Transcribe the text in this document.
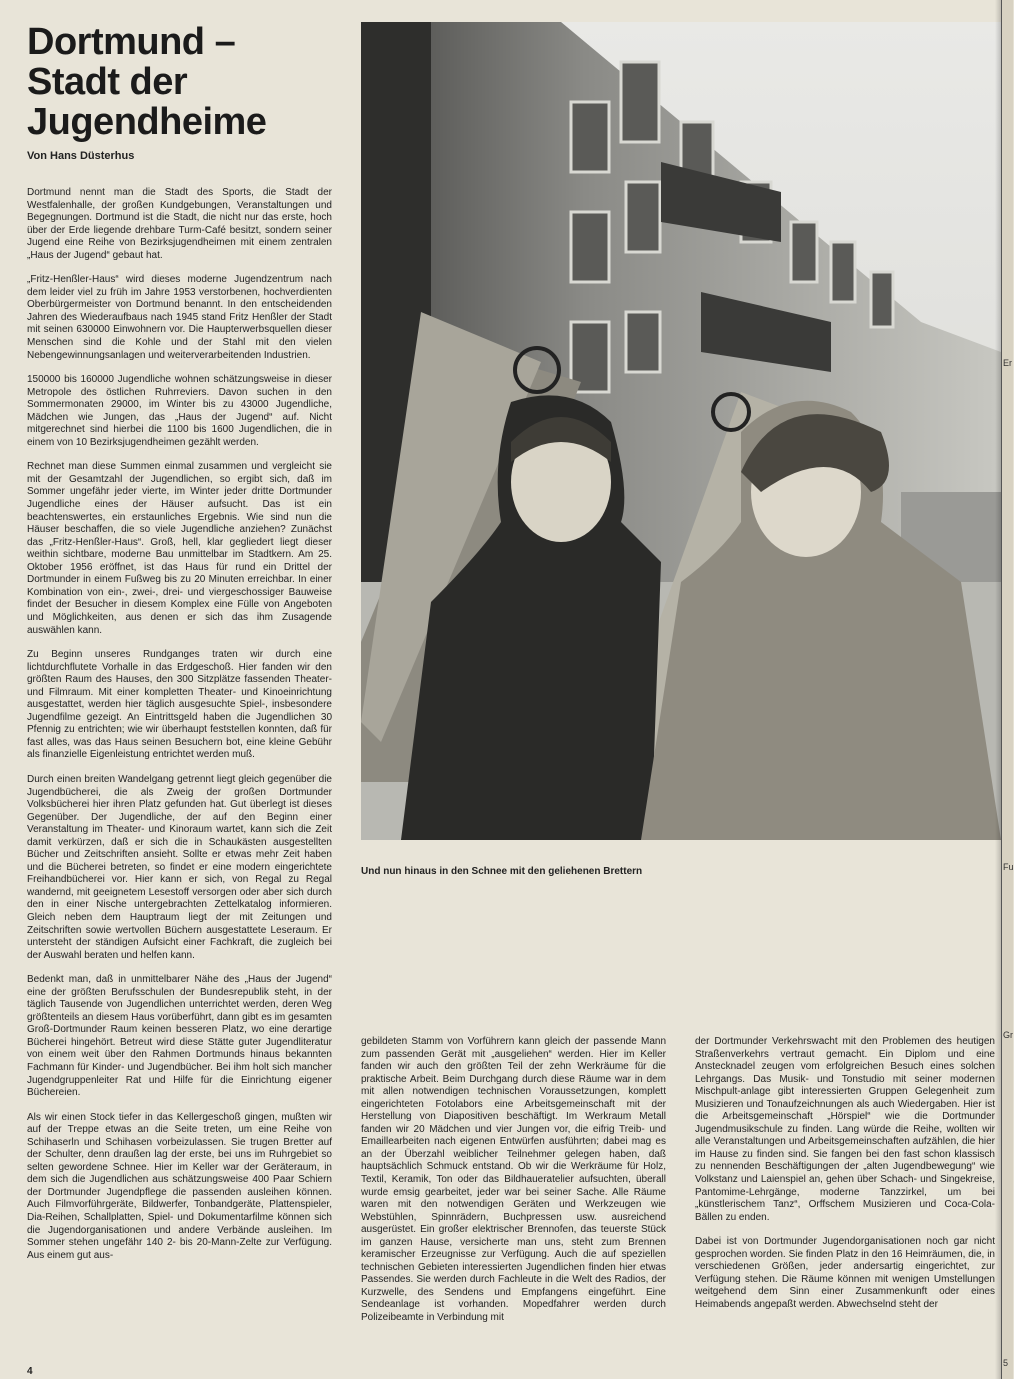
Dortmund –
Stadt der
Jugendheime
Von Hans Düsterhus

Dortmund nennt man die Stadt des Sports, die Stadt der Westfalenhalle, der großen Kundgebungen, Veranstaltungen und Begegnungen. Dortmund ist die Stadt, die nicht nur das erste, hoch über der Erde liegende drehbare Turm-Café besitzt, sondern seiner Jugend eine Reihe von Bezirksjugendheimen mit einem zentralen „Haus der Jugend“ gebaut hat.

„Fritz-Henßler-Haus“ wird dieses moderne Jugendzentrum nach dem leider viel zu früh im Jahre 1953 verstorbenen, hochverdienten Oberbürgermeister von Dortmund benannt. In den entscheidenden Jahren des Wiederaufbaus nach 1945 stand Fritz Henßler der Stadt mit seinen 630000 Einwohnern vor. Die Haupterwerbsquellen dieser Menschen sind die Kohle und der Stahl mit den vielen Nebengewinnungsanlagen und weiterverarbeitenden Industrien.

150000 bis 160000 Jugendliche wohnen schätzungsweise in dieser Metropole des östlichen Ruhrreviers. Davon suchen in den Sommermonaten 29000, im Winter bis zu 43000 Jugendliche, Mädchen wie Jungen, das „Haus der Jugend“ auf. Nicht mitgerechnet sind hierbei die 1100 bis 1600 Jugendlichen, die in einem von 10 Bezirksjugendheimen gezählt werden.

Rechnet man diese Summen einmal zusammen und vergleicht sie mit der Gesamtzahl der Jugendlichen, so ergibt sich, daß im Sommer ungefähr jeder vierte, im Winter jeder dritte Dortmunder Jugendliche eines der Häuser aufsucht. Das ist ein beachtenswertes, ein erstaunliches Ergebnis. Wie sind nun die Häuser beschaffen, die so viele Jugendliche anziehen? Zunächst das „Fritz-Henßler-Haus“. Groß, hell, klar gegliedert liegt dieser weithin sichtbare, moderne Bau unmittelbar im Stadtkern. Am 25. Oktober 1956 eröffnet, ist das Haus für rund ein Drittel der Dortmunder in einem Fußweg bis zu 20 Minuten erreichbar. In einer Kombination von ein-, zwei-, drei- und viergeschossiger Bauweise findet der Besucher in diesem Komplex eine Fülle von Angeboten und Möglichkeiten, aus denen er sich das ihm Zusagende auswählen kann.

Zu Beginn unseres Rundganges traten wir durch eine lichtdurchflutete Vorhalle in das Erdgeschoß. Hier fanden wir den größten Raum des Hauses, den 300 Sitzplätze fassenden Theater- und Filmraum. Mit einer kompletten Theater- und Kinoeinrichtung ausgestattet, werden hier täglich ausgesuchte Spiel-, insbesondere Jugendfilme gezeigt. An Eintrittsgeld haben die Jugendlichen 30 Pfennig zu entrichten; wie wir überhaupt feststellen konnten, daß für fast alles, was das Haus seinen Besuchern bot, eine kleine Gebühr als finanzielle Eigenleistung entrichtet werden muß.

Durch einen breiten Wandelgang getrennt liegt gleich gegenüber die Jugendbücherei, die als Zweig der großen Dortmunder Volksbücherei hier ihren Platz gefunden hat. Gut überlegt ist dieses Gegenüber. Der Jugendliche, der auf den Beginn einer Veranstaltung im Theater- und Kinoraum wartet, kann sich die Zeit damit verkürzen, daß er sich die in Schaukästen ausgestellten Bücher und Zeitschriften ansieht. Sollte er etwas mehr Zeit haben und die Bücherei betreten, so findet er eine modern eingerichtete Freihandbücherei vor. Hier kann er sich, von Regal zu Regal wandernd, mit geeignetem Lesestoff versorgen oder aber sich durch den in einer Nische untergebrachten Zettelkatalog informieren. Gleich neben dem Hauptraum liegt der mit Zeitungen und Zeitschriften sowie wertvollen Büchern ausgestattete Leseraum. Er untersteht der ständigen Aufsicht einer Fachkraft, die zugleich bei der Auswahl beraten und helfen kann.

Bedenkt man, daß in unmittelbarer Nähe des „Haus der Jugend“ eine der größten Berufsschulen der Bundesrepublik steht, in der täglich Tausende von Jugendlichen unterrichtet werden, deren Weg größtenteils an diesem Haus vorüberführt, dann gibt es im gesamten Groß-Dortmunder Raum keinen besseren Platz, wo eine derartige Bücherei hingehört. Betreut wird diese Stätte guter Jugendliteratur von einem weit über den Rahmen Dortmunds hinaus bekannten Fachmann für Kinder- und Jugendbücher. Bei ihm holt sich mancher Jugendgruppenleiter Rat und Hilfe für die Einrichtung eigener Büchereien.

Als wir einen Stock tiefer in das Kellergeschoß gingen, mußten wir auf der Treppe etwas an die Seite treten, um eine Reihe von Schihaserln und Schihasen vorbeizulassen. Sie trugen Bretter auf der Schulter, denn draußen lag der erste, bei uns im Ruhrgebiet so selten gewordene Schnee. Hier im Keller war der Geräteraum, in dem sich die Jugendlichen aus schätzungsweise 400 Paar Schiern der Dortmunder Jugendpflege die passenden ausleihen können. Auch Filmvorführgeräte, Bildwerfer, Tonbandgeräte, Plattenspieler, Dia-Reihen, Schallplatten, Spiel- und Dokumentarfilme können sich die Jugendorganisationen und andere Verbände ausleihen. Im Sommer stehen ungefähr 140 2- bis 20-Mann-Zelte zur Verfügung. Aus einem gut aus-

Und nun hinaus in den Schnee mit den geliehenen Brettern

gebildeten Stamm von Vorführern kann gleich der passende Mann zum passenden Gerät mit „ausgeliehen“ werden. Hier im Keller fanden wir auch den größten Teil der zehn Werkräume für die praktische Arbeit. Beim Durchgang durch diese Räume war in dem mit allen notwendigen technischen Voraussetzungen, komplett eingerichteten Fotolabors eine Arbeitsgemeinschaft mit der Herstellung von Diapositiven beschäftigt. Im Werkraum Metall fanden wir 20 Mädchen und vier Jungen vor, die eifrig Treib- und Emaillearbeiten nach eigenen Entwürfen ausführten; dabei mag es an der Überzahl weiblicher Teilnehmer gelegen haben, daß hauptsächlich Schmuck entstand. Ob wir die Werkräume für Holz, Textil, Keramik, Ton oder das Bildhaueratelier aufsuchten, überall wurde emsig gearbeitet, jeder war bei seiner Sache. Alle Räume waren mit den notwendigen Geräten und Werkzeugen wie Webstühlen, Spinnrädern, Buchpressen usw. ausreichend ausgerüstet. Ein großer elektrischer Brennofen, das teuerste Stück im ganzen Hause, versicherte man uns, steht zum Brennen keramischer Erzeugnisse zur Verfügung. Auch die auf speziellen technischen Gebieten interessierten Jugendlichen finden hier etwas Passendes. Sie werden durch Fachleute in die Welt des Radios, der Kurzwelle, des Sendens und Empfangens eingeführt. Eine Sendeanlage ist vorhanden. Mopedfahrer werden durch Polizeibeamte in Verbindung mit

der Dortmunder Verkehrswacht mit den Problemen des heutigen Straßenverkehrs vertraut gemacht. Ein Diplom und eine Anstecknadel zeugen vom erfolgreichen Besuch eines solchen Lehrgangs. Das Musik- und Tonstudio mit seiner modernen Mischpult-anlage gibt interessierten Gruppen Gelegenheit zum Musizieren und Tonaufzeichnungen als auch Wiedergaben. Hier ist die Arbeitsgemeinschaft „Hörspiel“ wie die Dortmunder Jugendmusikschule zu finden. Lang würde die Reihe, wollten wir alle Veranstaltungen und Arbeitsgemeinschaften aufzählen, die hier im Hause zu finden sind. Sie fangen bei den fast schon klassisch zu nennenden Beschäftigungen der „alten Jugendbewegung“ wie Volkstanz und Laienspiel an, gehen über Schach- und Singekreise, Pantomime-Lehrgänge, moderne Tanzzirkel, um bei „künstlerischem Tanz“, Orffschem Musizieren und Coca-Cola-Bällen zu enden.

Dabei ist von Dortmunder Jugendorganisationen noch gar nicht gesprochen worden. Sie finden Platz in den 16 Heimräumen, die, in verschiedenen Größen, jeder andersartig eingerichtet, zur Verfügung stehen. Die Räume können mit wenigen Umstellungen weitgehend dem Sinn einer Zusammenkunft oder eines Heimabends angepaßt werden. Abwechselnd steht der

4
Er
Fu
Gr
5
